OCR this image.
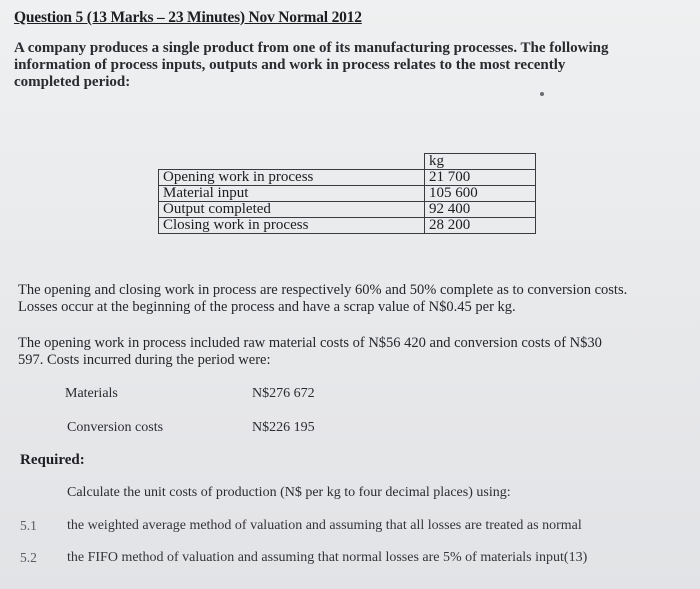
Question 5 (13 Marks – 23 Minutes) Nov Normal 2012
A company produces a single product from one of its manufacturing processes. The following information of process inputs, outputs and work in process relates to the most recently completed period:
	kg
Opening work in process	21 700
Material input	105 600
Output completed	92 400
Closing work in process	28 200
The opening and closing work in process are respectively 60% and 50% complete as to conversion costs. Losses occur at the beginning of the process and have a scrap value of N$0.45 per kg.
The opening work in process included raw material costs of N$56 420 and conversion costs of N$30 597. Costs incurred during the period were:
Materials	N$276 672
Conversion costs	N$226 195
Required:
Calculate the unit costs of production (N$ per kg to four decimal places) using:
5.1 the weighted average method of valuation and assuming that all losses are treated as normal
5.2 the FIFO method of valuation and assuming that normal losses are 5% of materials input(13)
